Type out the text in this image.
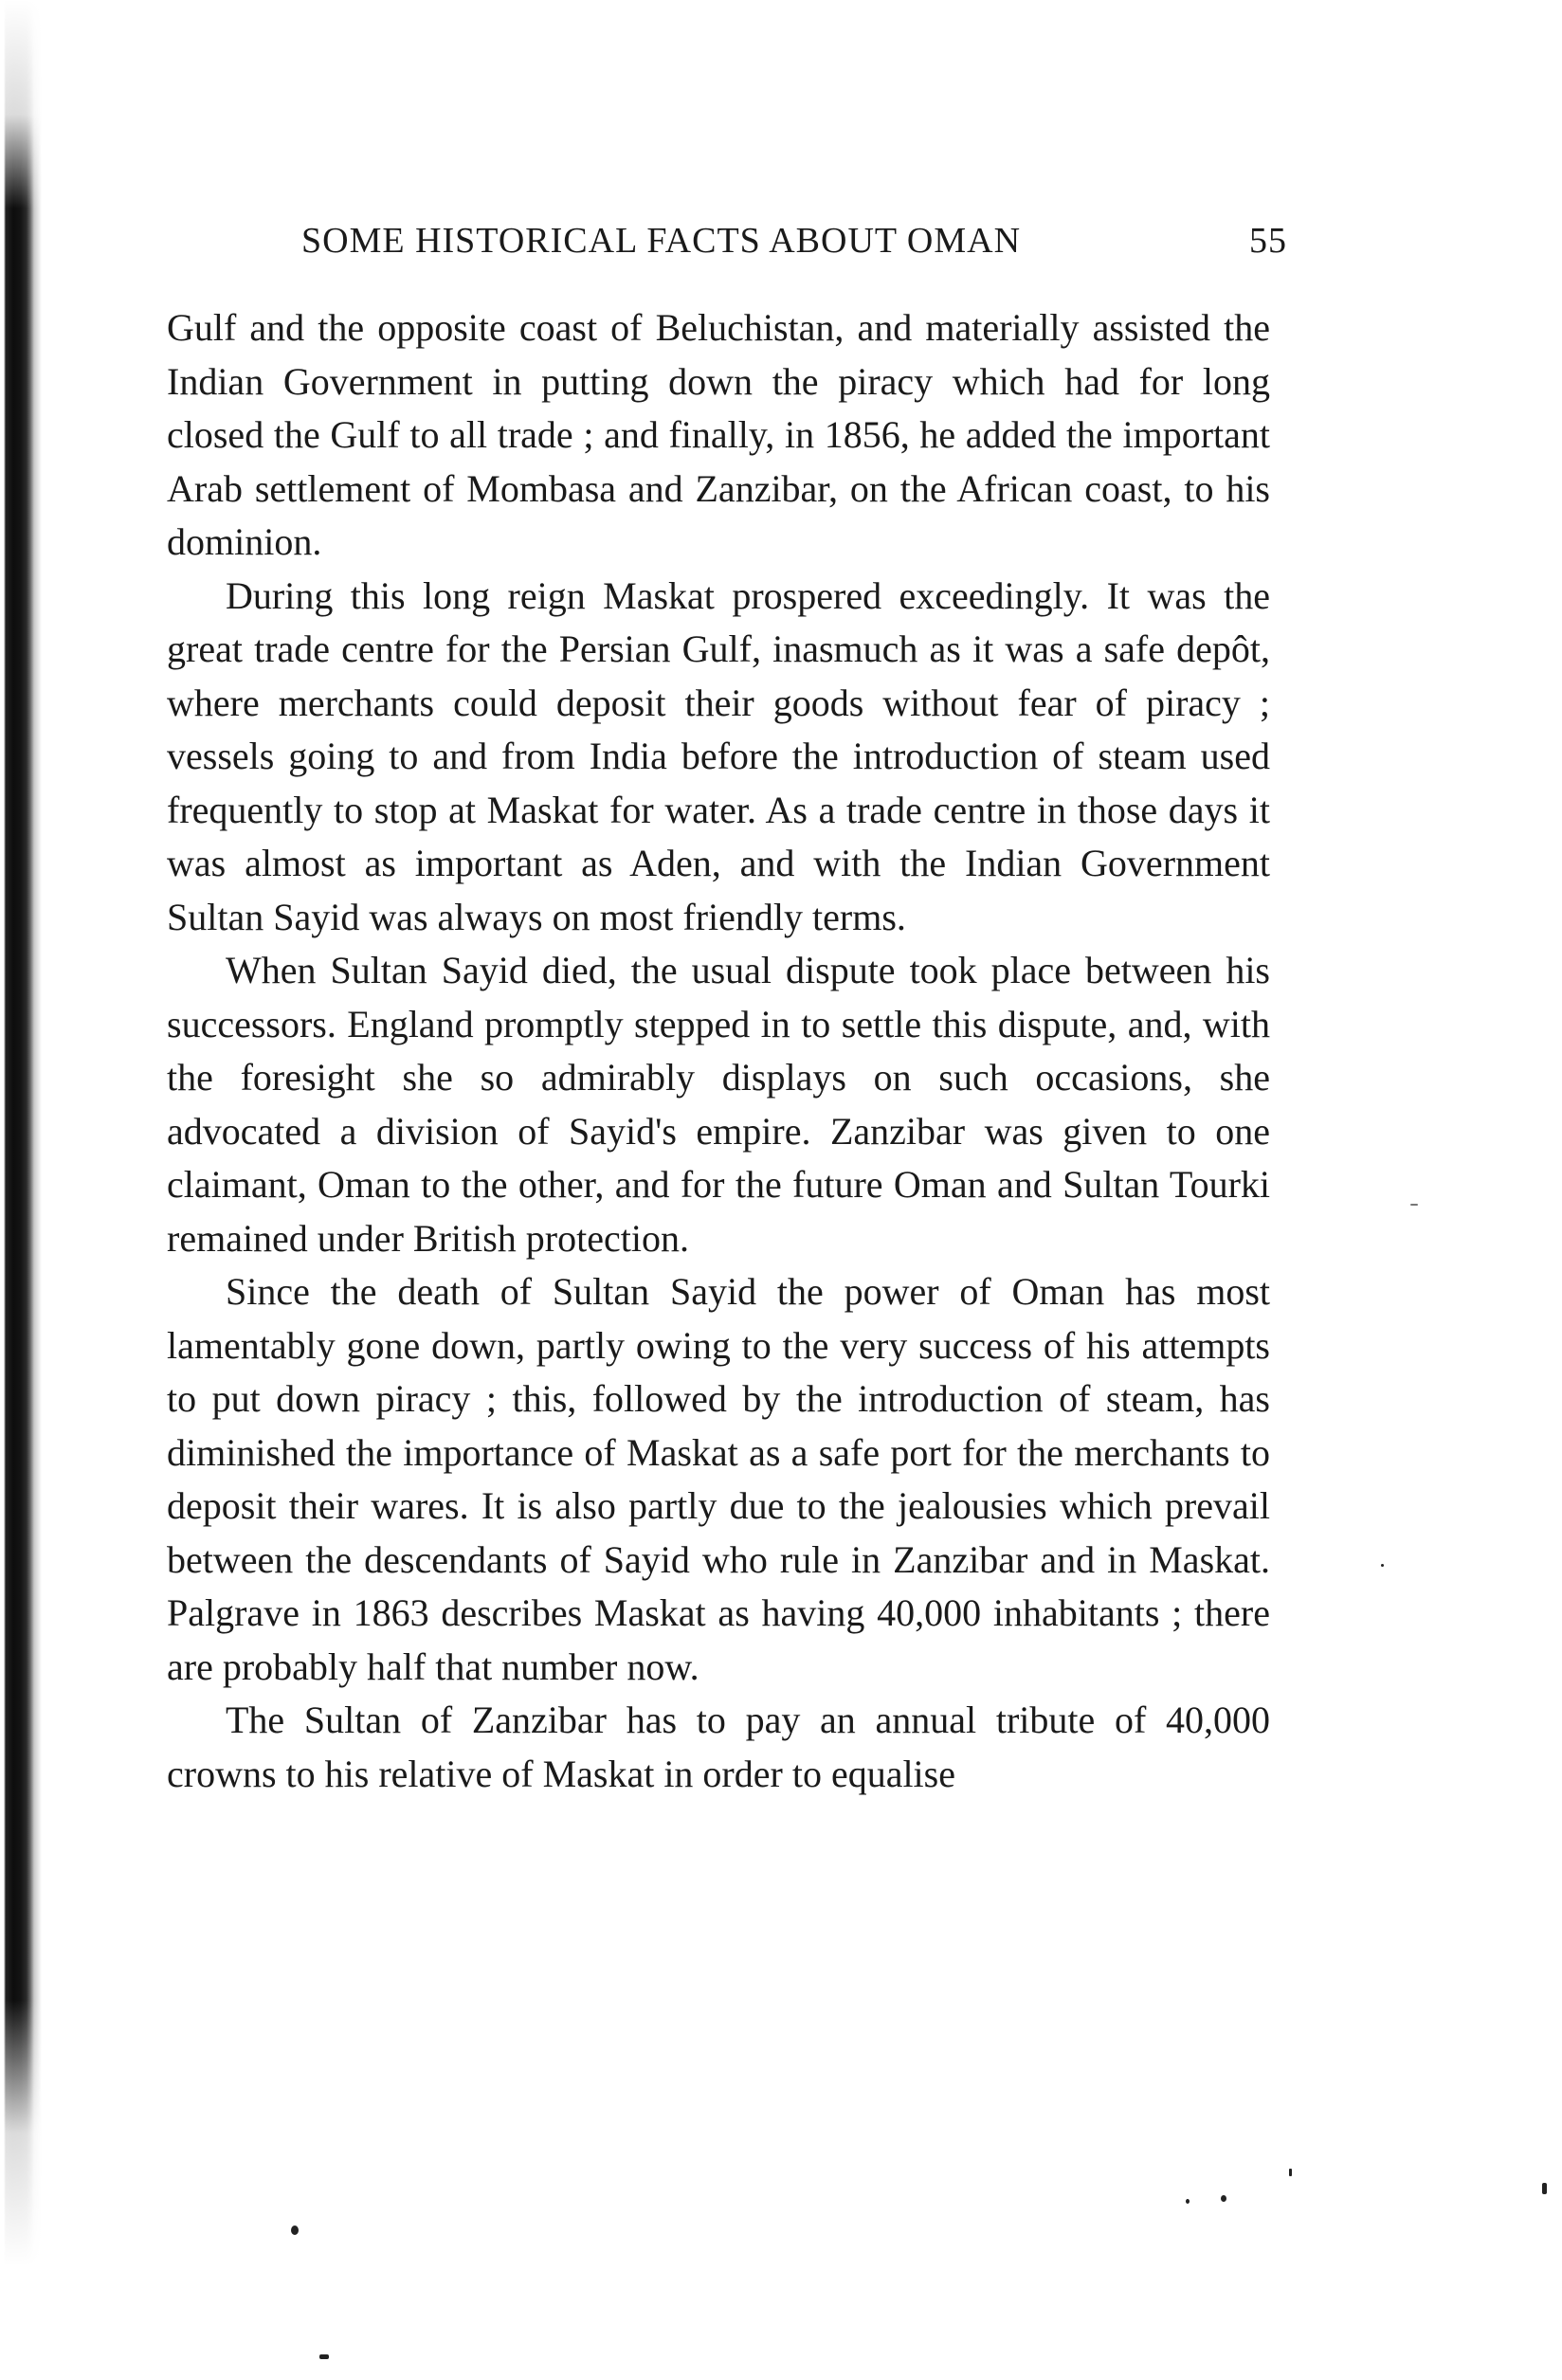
SOME HISTORICAL FACTS ABOUT OMAN	55

Gulf and the opposite coast of Beluchistan, and materially assisted the Indian Government in putting down the piracy which had for long closed the Gulf to all trade ; and finally, in 1856, he added the important Arab settlement of Mombasa and Zanzibar, on the African coast, to his dominion.

During this long reign Maskat prospered exceedingly. It was the great trade centre for the Persian Gulf, inasmuch as it was a safe depôt, where merchants could deposit their goods without fear of piracy ; vessels going to and from India before the introduction of steam used frequently to stop at Maskat for water. As a trade centre in those days it was almost as important as Aden, and with the Indian Government Sultan Sayid was always on most friendly terms.

When Sultan Sayid died, the usual dispute took place between his successors. England promptly stepped in to settle this dispute, and, with the foresight she so admirably displays on such occasions, she advocated a division of Sayid's empire. Zanzibar was given to one claimant, Oman to the other, and for the future Oman and Sultan Tourki remained under British protection.

Since the death of Sultan Sayid the power of Oman has most lamentably gone down, partly owing to the very success of his attempts to put down piracy ; this, followed by the introduction of steam, has diminished the importance of Maskat as a safe port for the merchants to deposit their wares. It is also partly due to the jealousies which prevail between the descendants of Sayid who rule in Zanzibar and in Maskat. Palgrave in 1863 describes Maskat as having 40,000 inhabitants ; there are probably half that number now.

The Sultan of Zanzibar has to pay an annual tribute of 40,000 crowns to his relative of Maskat in order to equalise
